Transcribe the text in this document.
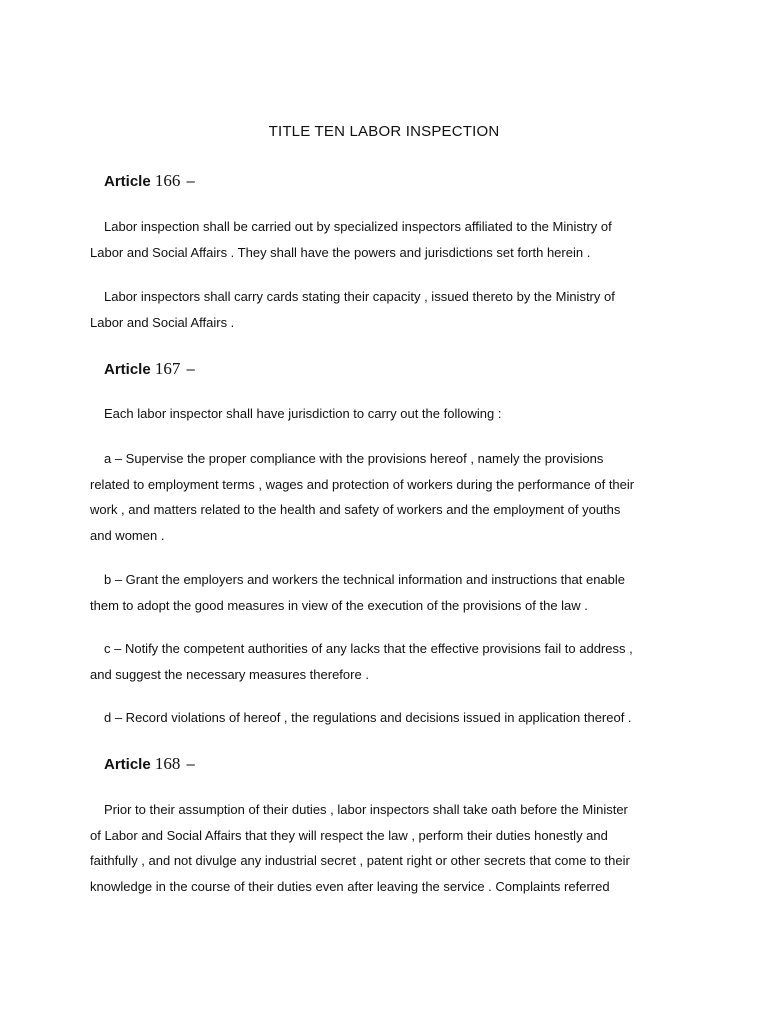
TITLE TEN LABOR INSPECTION
Article 166 –

Labor inspection shall be carried out by specialized inspectors affiliated to the Ministry of
Labor and Social Affairs . They shall have the powers and jurisdictions set forth herein .

Labor inspectors shall carry cards stating their capacity , issued thereto by the Ministry of
Labor and Social Affairs .

Article 167 –

Each labor inspector shall have jurisdiction to carry out the following :

a – Supervise the proper compliance with the provisions hereof , namely the provisions
related to employment terms , wages and protection of workers during the performance of their
work , and matters related to the health and safety of workers and the employment of youths
and women .

b – Grant the employers and workers the technical information and instructions that enable
them to adopt the good measures in view of the execution of the provisions of the law .

c – Notify the competent authorities of any lacks that the effective provisions fail to address ,
and suggest the necessary measures therefore .

d – Record violations of hereof , the regulations and decisions issued in application thereof .

Article 168 –

Prior to their assumption of their duties , labor inspectors shall take oath before the Minister
of Labor and Social Affairs that they will respect the law , perform their duties honestly and
faithfully , and not divulge any industrial secret , patent right or other secrets that come to their
knowledge in the course of their duties even after leaving the service . Complaints referred
